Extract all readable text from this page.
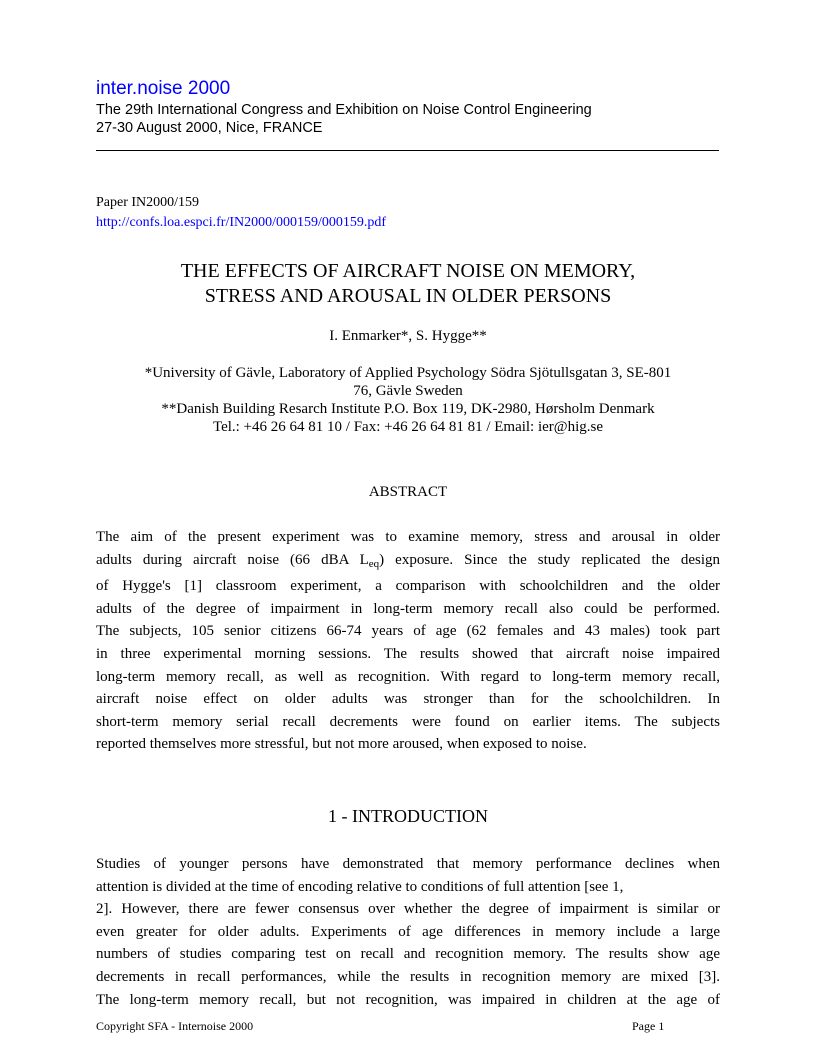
inter.noise 2000
The 29th International Congress and Exhibition on Noise Control Engineering
27-30 August 2000, Nice, FRANCE
Paper IN2000/159
http://confs.loa.espci.fr/IN2000/000159/000159.pdf
THE EFFECTS OF AIRCRAFT NOISE ON MEMORY,
STRESS AND AROUSAL IN OLDER PERSONS
I. Enmarker*, S. Hygge**
*University of Gävle, Laboratory of Applied Psychology Södra Sjötullsgatan 3, SE-801
76, Gävle Sweden
**Danish Building Resarch Institute P.O. Box 119, DK-2980, Hørsholm Denmark
Tel.: +46 26 64 81 10 / Fax: +46 26 64 81 81 / Email: ier@hig.se
ABSTRACT
The aim of the present experiment was to examine memory, stress and arousal in older
adults during aircraft noise (66 dBA $L_{eq}$) exposure. Since the study replicated the design
of Hygge's [1] classroom experiment, a comparison with schoolchildren and the older
adults of the degree of impairment in long-term memory recall also could be performed.
The subjects, 105 senior citizens 66-74 years of age (62 females and 43 males) took part
in three experimental morning sessions. The results showed that aircraft noise impaired
long-term memory recall, as well as recognition. With regard to long-term memory recall,
aircraft noise effect on older adults was stronger than for the schoolchildren. In
short-term memory serial recall decrements were found on earlier items. The subjects
reported themselves more stressful, but not more aroused, when exposed to noise.
1 - INTRODUCTION
Studies of younger persons have demonstrated that memory performance declines when
attention is divided at the time of encoding relative to conditions of full attention [see 1,
2]. However, there are fewer consensus over whether the degree of impairment is similar or
even greater for older adults. Experiments of age differences in memory include a large
numbers of studies comparing test on recall and recognition memory. The results show age
decrements in recall performances, while the results in recognition memory are mixed [3].
The long-term memory recall, but not recognition, was impaired in children at the age of
Copyright SFA - Internoise 2000	Page 1
